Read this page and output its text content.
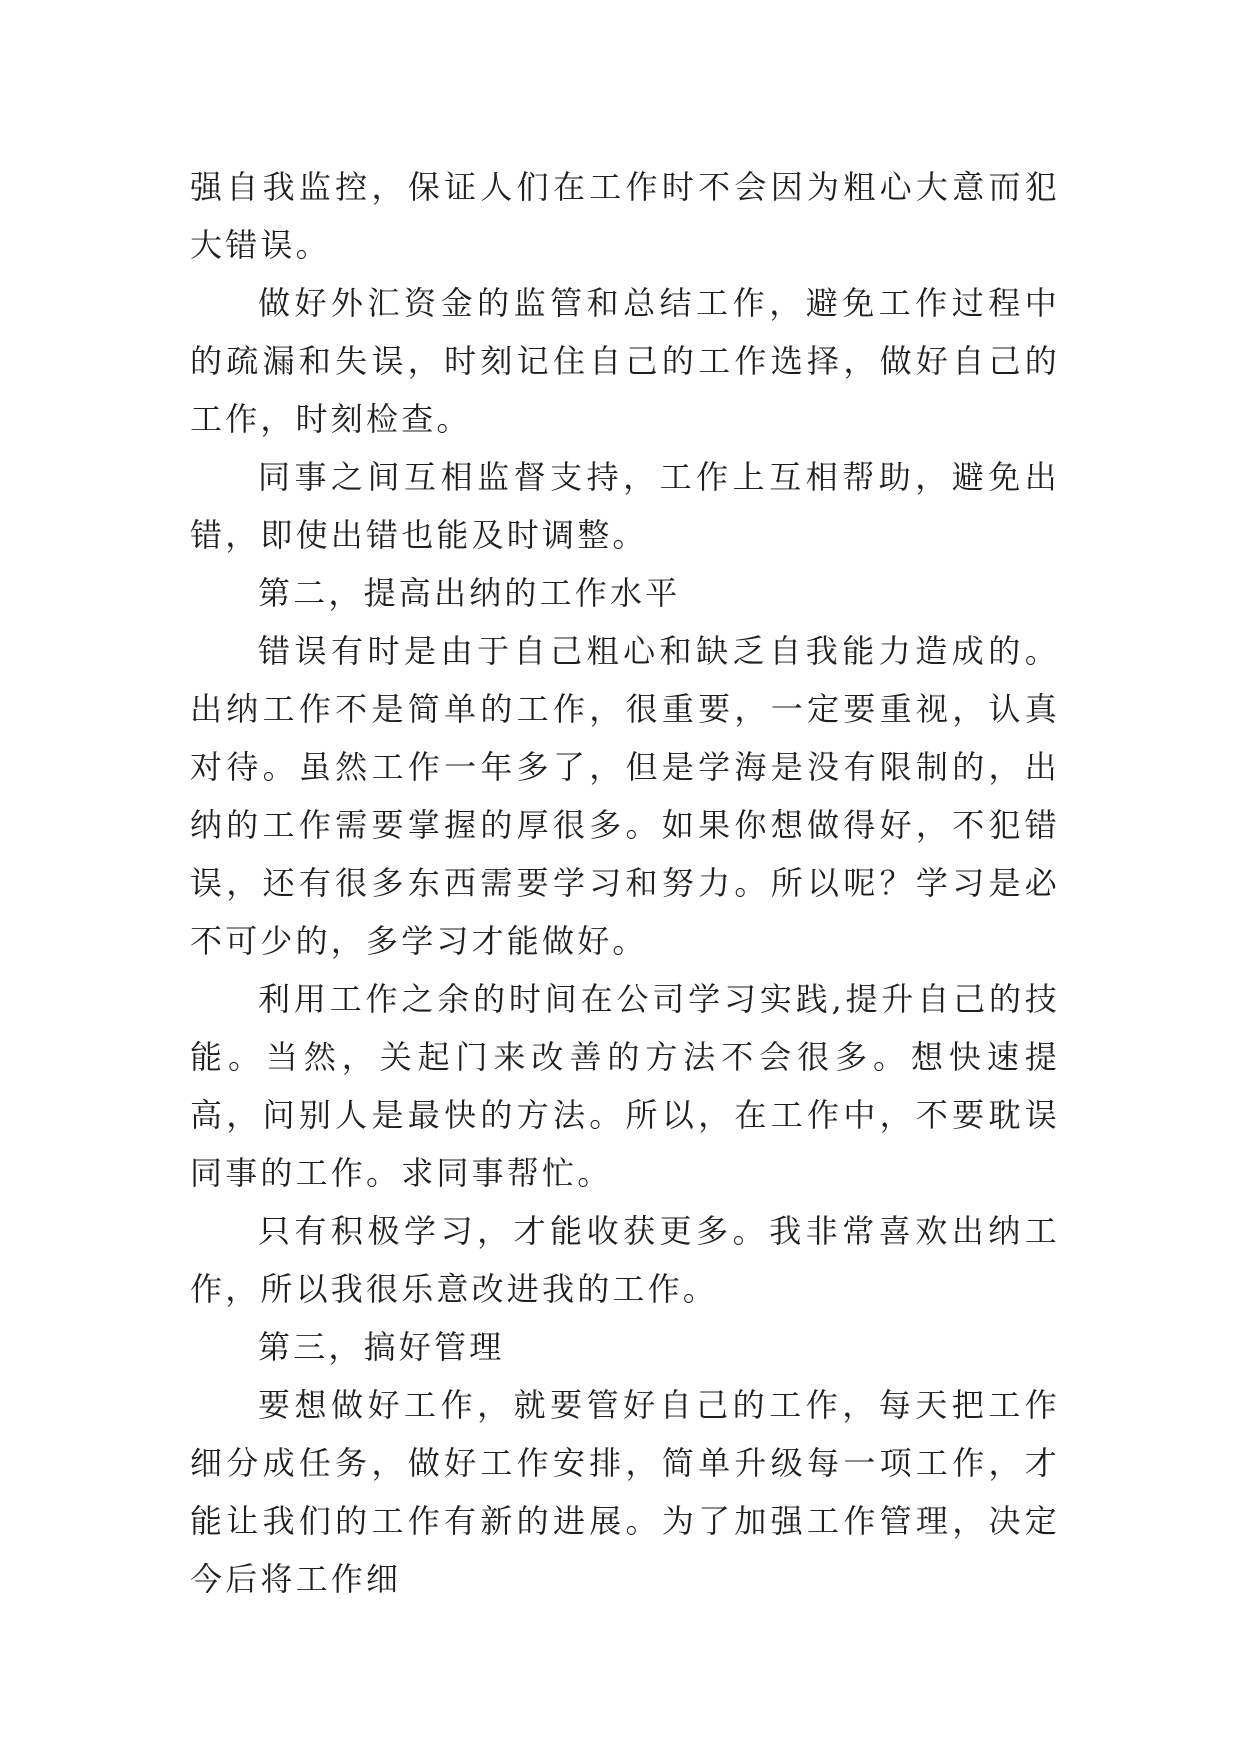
强自我监控，保证人们在工作时不会因为粗心大意而犯大错误。

做好外汇资金的监管和总结工作，避免工作过程中的疏漏和失误，时刻记住自己的工作选择，做好自己的工作，时刻检查。

同事之间互相监督支持，工作上互相帮助，避免出错，即使出错也能及时调整。

第二，提高出纳的工作水平

错误有时是由于自己粗心和缺乏自我能力造成的。出纳工作不是简单的工作，很重要，一定要重视，认真对待。虽然工作一年多了，但是学海是没有限制的，出纳的工作需要掌握的厚很多。如果你想做得好，不犯错误，还有很多东西需要学习和努力。所以呢？学习是必不可少的，多学习才能做好。

利用工作之余的时间在公司学习实践,提升自己的技能。当然，关起门来改善的方法不会很多。想快速提高，问别人是最快的方法。所以，在工作中，不要耽误同事的工作。求同事帮忙。

只有积极学习，才能收获更多。我非常喜欢出纳工作，所以我很乐意改进我的工作。

第三，搞好管理

要想做好工作，就要管好自己的工作，每天把工作细分成任务，做好工作安排，简单升级每一项工作，才能让我们的工作有新的进展。为了加强工作管理，决定今后将工作细
